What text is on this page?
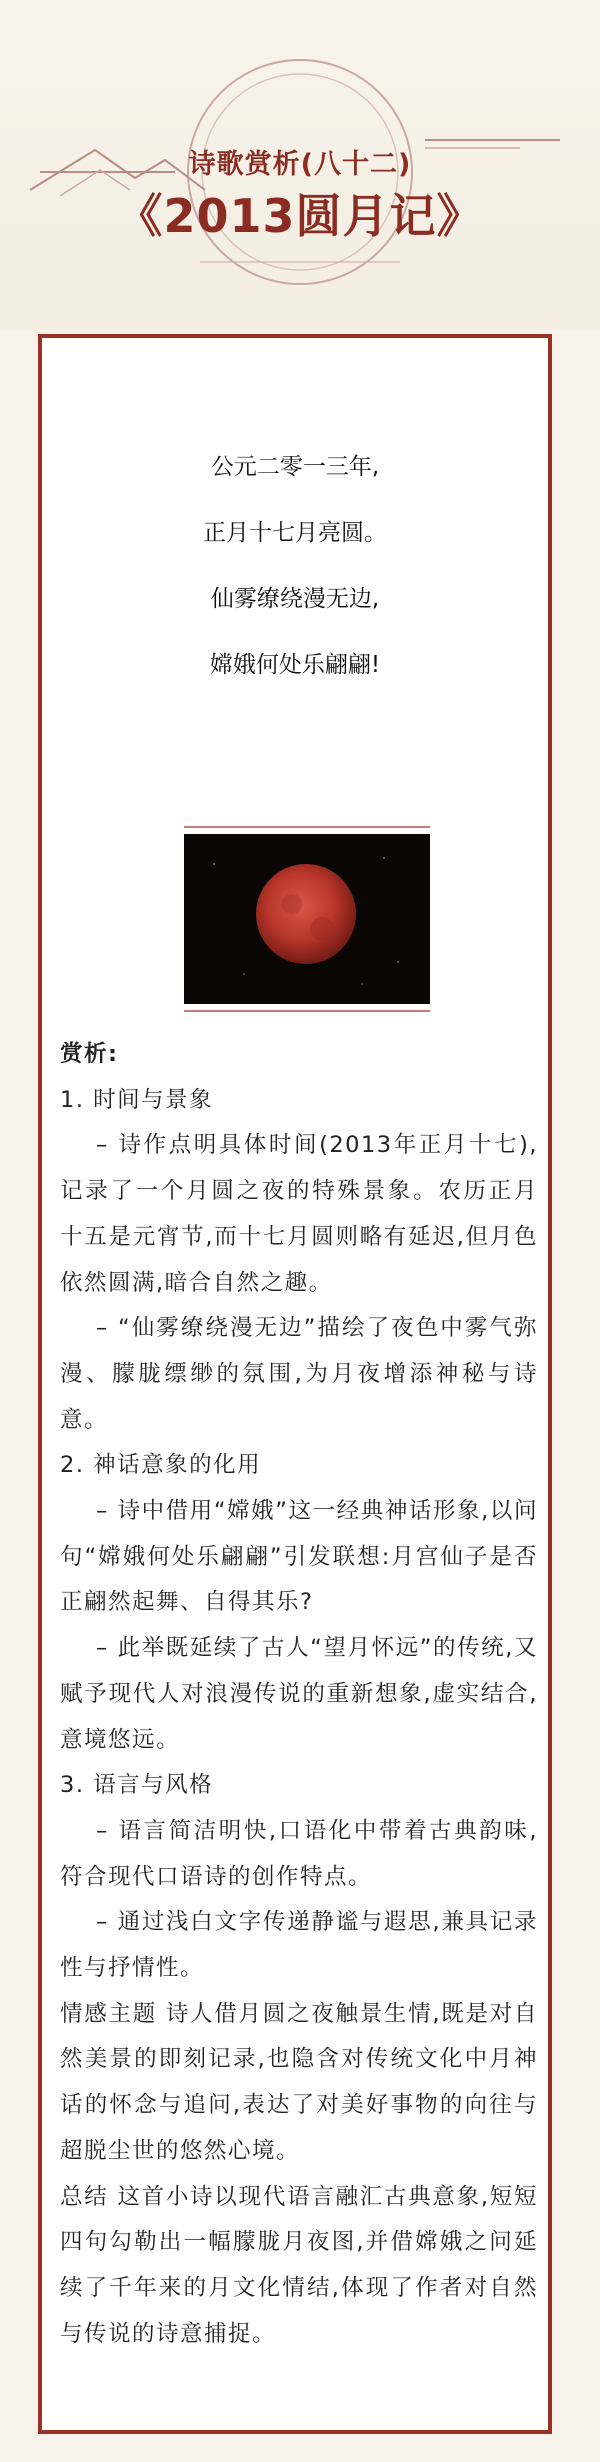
诗歌赏析(八十二)
《2013圆月记》
公元二零一三年,
正月十七月亮圆。
仙雾缭绕漫无边,
嫦娥何处乐翩翩!

赏析:

1. 时间与景象

– 诗作点明具体时间(2013年正月十七),记录了一个月圆之夜的特殊景象。农历正月十五是元宵节,而十七月圆则略有延迟,但月色依然圆满,暗合自然之趣。

– “仙雾缭绕漫无边”描绘了夜色中雾气弥漫、朦胧缥缈的氛围,为月夜增添神秘与诗意。

2. 神话意象的化用

– 诗中借用“嫦娥”这一经典神话形象,以问句“嫦娥何处乐翩翩”引发联想:月宫仙子是否正翩然起舞、自得其乐?

– 此举既延续了古人“望月怀远”的传统,又赋予现代人对浪漫传说的重新想象,虚实结合,意境悠远。

3. 语言与风格

– 语言简洁明快,口语化中带着古典韵味,符合现代口语诗的创作特点。

– 通过浅白文字传递静谧与遐思,兼具记录性与抒情性。

情感主题 诗人借月圆之夜触景生情,既是对自然美景的即刻记录,也隐含对传统文化中月神话的怀念与追问,表达了对美好事物的向往与超脱尘世的悠然心境。

总结 这首小诗以现代语言融汇古典意象,短短四句勾勒出一幅朦胧月夜图,并借嫦娥之问延续了千年来的月文化情结,体现了作者对自然与传说的诗意捕捉。
